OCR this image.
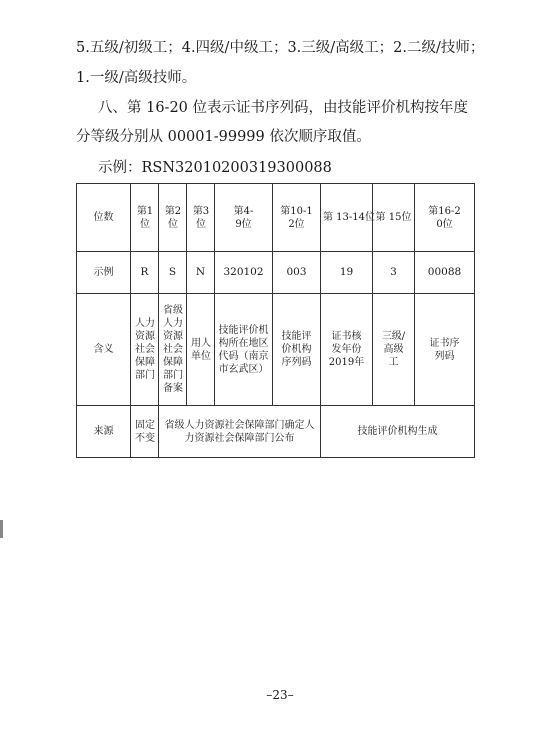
5.五级/初级工；4.四级/中级工；3.三级/高级工；2.二级/技师；
1.一级/高级技师。
八、第 16-20 位表示证书序列码，由技能评价机构按年度
分等级分别从 00001-99999 依次顺序取值。
示例：RSN32010200319300088
位数	第1位	第2位	第3位	第4-9位	第10-12位	第 13-14位	第 15位	第16-20位
示例	R	S	N	320102	003	19	3	00088
含义	人力资源社会保障部门	省级人力资源社会保障部门备案	用人单位	技能评价机构所在地区代码（南京市玄武区）	技能评价机构序列码	证书核发年份2019年	三级/高级工	证书序列码
来源	固定不变	省级人力资源社会保障部门确定人力资源社会保障部门公布				技能评价机构生成		
–23–
